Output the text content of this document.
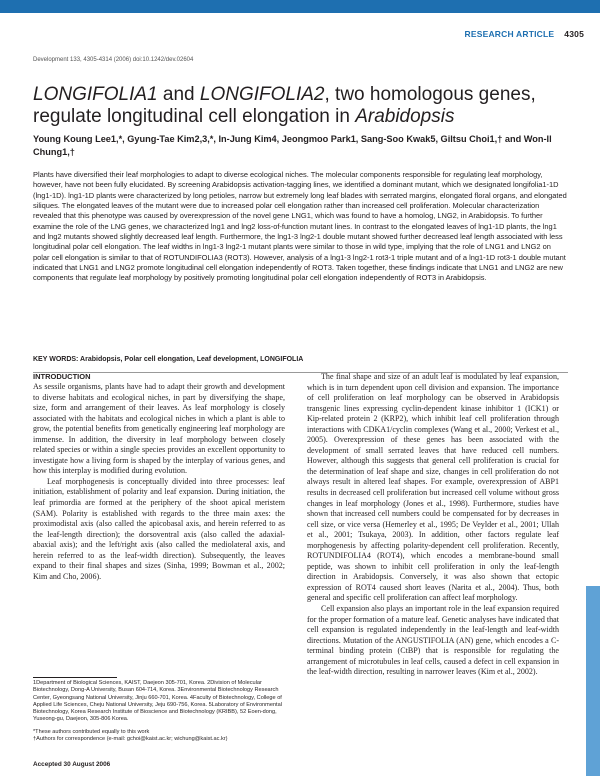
RESEARCH ARTICLE 4305
Development 133, 4305-4314 (2006) doi:10.1242/dev.02604
LONGIFOLIA1 and LONGIFOLIA2, two homologous genes, regulate longitudinal cell elongation in Arabidopsis
Young Koung Lee1,*, Gyung-Tae Kim2,3,*, In-Jung Kim4, Jeongmoo Park1, Sang-Soo Kwak5, Giltsu Choi1,† and Won-Il Chung1,†

Plants have diversified their leaf morphologies to adapt to diverse ecological niches. The molecular components responsible for regulating leaf morphology, however, have not been fully elucidated. By screening Arabidopsis activation-tagging lines, we identified a dominant mutant, which we designated longifolia1-1D (lng1-1D). lng1-1D plants were characterized by long petioles, narrow but extremely long leaf blades with serrated margins, elongated floral organs, and elongated siliques. The elongated leaves of the mutant were due to increased polar cell elongation rather than increased cell proliferation. Molecular characterization revealed that this phenotype was caused by overexpression of the novel gene LNG1, which was found to have a homolog, LNG2, in Arabidopsis. To further examine the role of the LNG genes, we characterized lng1 and lng2 loss-of-function mutant lines. In contrast to the elongated leaves of lng1-1D plants, the lng1 and lng2 mutants showed slightly decreased leaf length. Furthermore, the lng1-3 lng2-1 double mutant showed further decreased leaf length associated with less longitudinal polar cell elongation. The leaf widths in lng1-3 lng2-1 mutant plants were similar to those in wild type, implying that the role of LNG1 and LNG2 on polar cell elongation is similar to that of ROTUNDIFOLIA3 (ROT3). However, analysis of a lng1-3 lng2-1 rot3-1 triple mutant and of a lng1-1D rot3-1 double mutant indicated that LNG1 and LNG2 promote longitudinal cell elongation independently of ROT3. Taken together, these findings indicate that LNG1 and LNG2 are new components that regulate leaf morphology by positively promoting longitudinal polar cell elongation independently of ROT3 in Arabidopsis.

KEY WORDS: Arabidopsis, Polar cell elongation, Leaf development, LONGIFOLIA

INTRODUCTION

As sessile organisms, plants have had to adapt their growth and development to diverse habitats and ecological niches, in part by diversifying the shape, size, form and arrangement of their leaves. As leaf morphology is closely associated with the habitats and ecological niches in which a plant is able to grow, the potential benefits from genetically engineering leaf morphology are immense. In addition, the diversity in leaf morphology between closely related species or within a single species provides an excellent opportunity to investigate how a living form is shaped by the interplay of various genes, and how this interplay is modified during evolution.

Leaf morphogenesis is conceptually divided into three processes: leaf initiation, establishment of polarity and leaf expansion. During initiation, the leaf primordia are formed at the periphery of the shoot apical meristem (SAM). Polarity is established with regards to the three main axes: the proximodistal axis (also called the apicobasal axis, and herein referred to as the leaf-length direction); the dorsoventral axis (also called the adaxial-abaxial axis); and the left/right axis (also called the mediolateral axis, and herein referred to as the leaf-width direction). Subsequently, the leaves expand to their final shapes and sizes (Sinha, 1999; Bowman et al., 2002; Kim and Cho, 2006).

The final shape and size of an adult leaf is modulated by leaf expansion, which is in turn dependent upon cell division and expansion. The importance of cell proliferation on leaf morphology can be observed in Arabidopsis transgenic lines expressing cyclin-dependent kinase inhibitor 1 (ICK1) or Kip-related protein 2 (KRP2), which inhibit leaf cell proliferation through interactions with CDKA1/cyclin complexes (Wang et al., 2000; Verkest et al., 2005). Overexpression of these genes has been associated with the development of small serrated leaves that have reduced cell numbers. However, although this suggests that general cell proliferation is crucial for the determination of leaf shape and size, changes in cell proliferation do not always result in altered leaf shapes. For example, overexpression of ABP1 results in decreased cell proliferation but increased cell volume without gross changes in leaf morphology (Jones et al., 1998). Furthermore, studies have shown that increased cell numbers could be compensated for by decreases in cell size, or vice versa (Hemerley et al., 1995; De Veylder et al., 2001; Ullah et al., 2001; Tsukaya, 2003). In addition, other factors regulate leaf morphogenesis by affecting polarity-dependent cell proliferation. Recently, ROTUNDIFOLIA4 (ROT4), which encodes a membrane-bound small peptide, was shown to inhibit cell proliferation in only the leaf-length direction in Arabidopsis. Conversely, it was also shown that ectopic expression of ROT4 caused short leaves (Narita et al., 2004). Thus, both general and specific cell proliferation can affect leaf morphology.

Cell expansion also plays an important role in the leaf expansion required for the proper formation of a mature leaf. Genetic analyses have indicated that cell expansion is regulated independently in the leaf-length and leaf-width directions. Mutation of the ANGUSTIFOLIA (AN) gene, which encodes a C-terminal binding protein (CtBP) that is responsible for regulating the arrangement of microtubules in leaf cells, caused a defect in cell expansion in the leaf-width direction, resulting in narrower leaves (Kim et al., 2002).

1Department of Biological Sciences, KAIST, Daejeon 305-701, Korea. 2Division of Molecular Biotechnology, Dong-A University, Busan 604-714, Korea. 3Environmental Biotechnology Research Center, Gyeongsang National University, Jinju 660-701, Korea. 4Faculty of Biotechnology, College of Applied Life Sciences, Cheju National University, Jeju 690-756, Korea. 5Laboratory of Environmental Biotechnology, Korea Research Institute of Bioscience and Biotechnology (KRIBB), 52 Eoen-dong, Yuseong-gu, Daejeon, 305-806 Korea.

*These authors contributed equally to this work

†Authors for correspondence (e-mail: gchoi@kaist.ac.kr; wichung@kaist.ac.kr)

Accepted 30 August 2006
DEVELOPMENT
